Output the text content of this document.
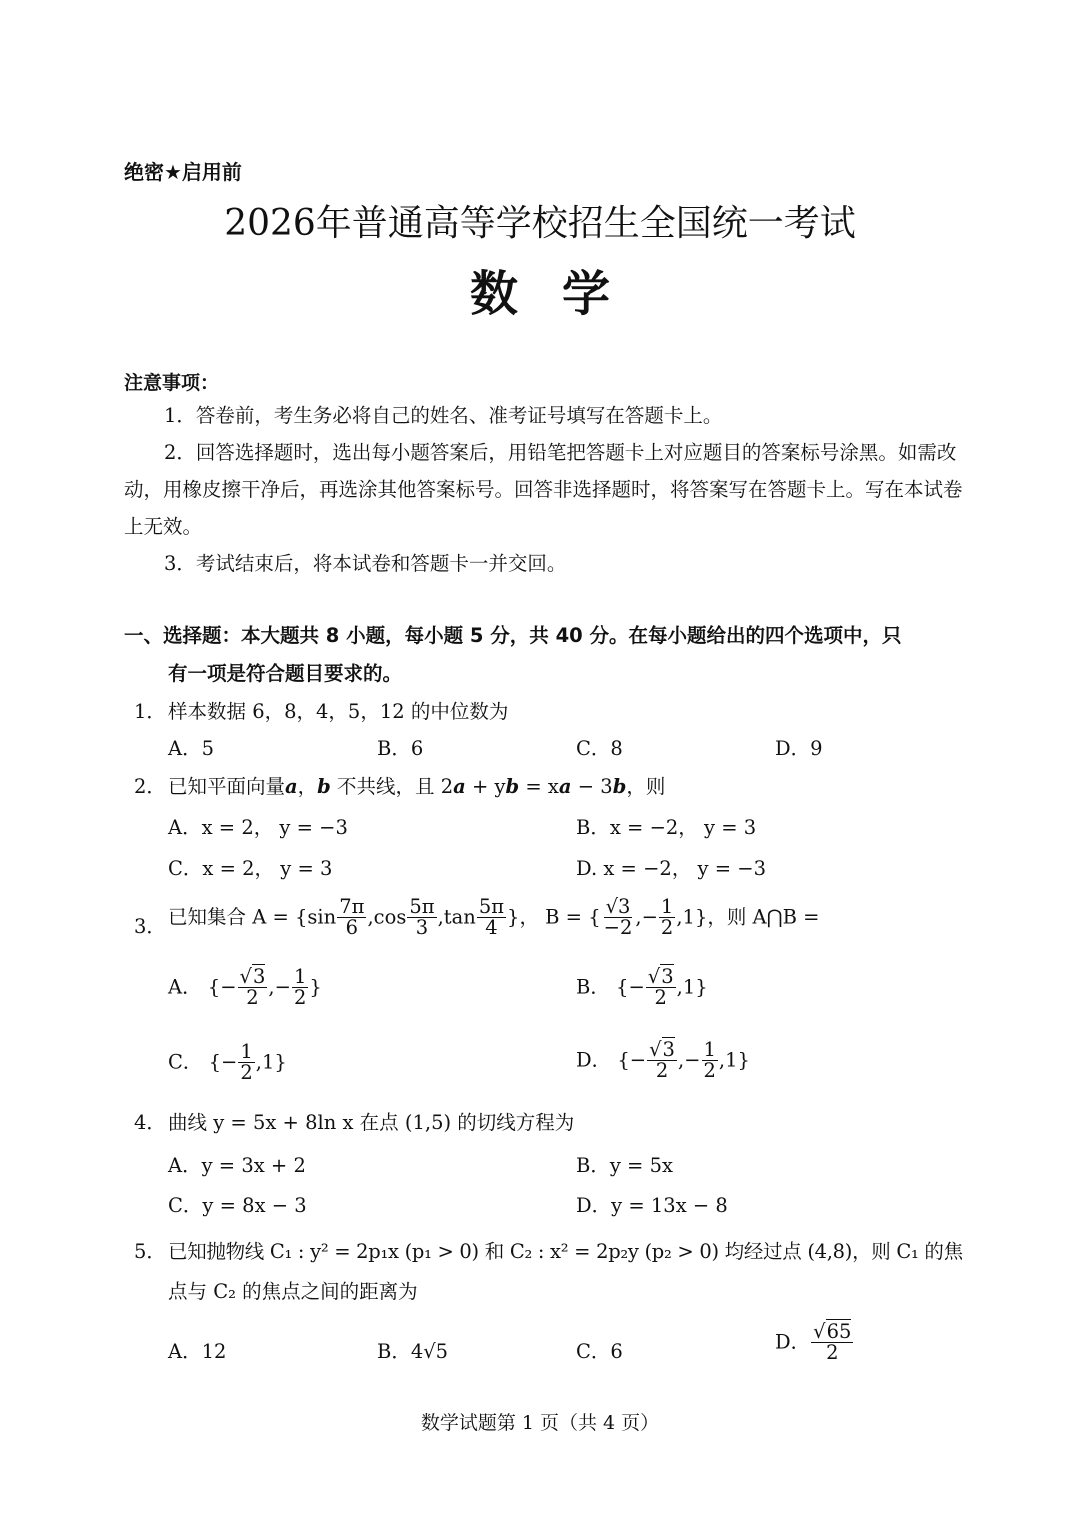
绝密★启用前
2026年普通高等学校招生全国统一考试
数学
注意事项：

1．答卷前，考生务必将自己的姓名、准考证号填写在答题卡上。

2．回答选择题时，选出每小题答案后，用铅笔把答题卡上对应题目的答案标号涂黑。如需改动，用橡皮擦干净后，再选涂其他答案标号。回答非选择题时，将答案写在答题卡上。写在本试卷上无效。

3．考试结束后，将本试卷和答题卡一并交回。

一、选择题：本大题共 8 小题，每小题 5 分，共 40 分。在每小题给出的四个选项中，只
有一项是符合题目要求的。
1． 样本数据 6，8，4，5，12 的中位数为
A．5	B．6	C．8	D．9
2． 已知平面向量a，b 不共线，且 2a + yb = xa − 3b，则
A．x = 2， y = −3	B．x = −2， y = 3
C．x = 2， y = 3	D. x = −2， y = −3
3． 已知集合 $A = \{\sin \frac{7\pi}{6} ,\cos \frac{5\pi}{3} ,\tan \frac{5\pi}{4}$ }， B = { $\frac{√3}{-2}$ ,− $\frac{1}{2} ,1$}，则 A⋂B =
A． {− $\frac{√3}{2}$ ,− $\frac{1}{2}$ }	B． {− $\frac{√3}{2} ,1$}
C． {− $\frac{1}{2} ,1$}	D． {− $\frac{√3}{2}$ ,− $\frac{1}{2} ,1$}
4． 曲线 y = 5x + 8ln x 在点 (1,5) 的切线方程为
A．y = 3x + 2	B．y = 5x
C．y = 8x − 3	D．y = 13x − 8
5． 已知抛物线 C₁ : y² = 2p₁x (p₁ > 0) 和 C₂ : x² = 2p₂y (p₂ > 0) 均经过点 (4,8)，则 C₁ 的焦
点与 C₂ 的焦点之间的距离为
A．12	B．4√5	C．6	D． $\frac{√65}{2}$
数学试题第 1 页（共 4 页）
